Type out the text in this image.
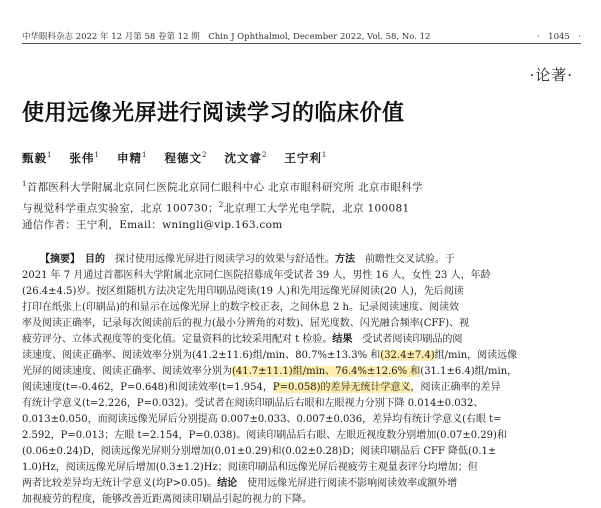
中华眼科杂志 2022 年 12 月第 58 卷第 12 期　Chin J Ophthalmol, December 2022, Vol. 58, No. 12	·　1045　·
·论著·
使用远像光屏进行阅读学习的临床价值
甄毅$^1$ 张伟$^1$ 申精$^1$ 程德文$^2$ 沈文睿$^2$ 王宁利$^1$
$^1$首都医科大学附属北京同仁医院北京同仁眼科中心 北京市眼科研究所 北京市眼科学
与视觉科学重点实验室，北京 100730；$^2$北京理工大学光电学院，北京 100081
通信作者：王宁利，Email：wningli@vip.163.com
【摘要】　 目的　探讨使用远像光屏进行阅读学习的效果与舒适性。方法　前瞻性交叉试验。于
2021 年 7 月通过首都医科大学附属北京同仁医院招募成年受试者 39 人，男性 16 人，女性 23 人，年龄
(26.4±4.5)岁。按区组随机方法决定先用印刷品阅读(19 人)和先用远像光屏阅读(20 人)，先后阅读
打印在纸张上(印刷品)的和显示在远像光屏上的数字校正表，之间休息 2 h。记录阅读速度、阅读效
率及阅读正确率，记录每次阅读前后的视力(最小分辨角的对数)、屈光度数、闪光融合频率(CFF)、视
疲劳评分、立体式视度等的变化值。定量资料的比较采用配对 t 检验。结果　受试者阅读印刷品的阅
读速度、阅读正确率、阅读效率分别为(41.2±11.6)组/min、80.7%±13.3% 和(32.4±7.4)组/min，阅读远像
光屏的阅读速度、阅读正确率、阅读效率分别为(41.7±11.1)组/min、76.4%±12.6% 和(31.1±6.4)组/min，
阅读速度(t=-0.462，P=0.648)和阅读效率(t=1.954，P=0.058)的差异无统计学意义，阅读正确率的差异
有统计学意义(t=2.226，P=0.032)。受试者在阅读印刷品后右眼和左眼视力分别下降 0.014±0.032、
0.013±0.050，而阅读远像光屏后分别提高 0.007±0.033、0.007±0.036，差异均有统计学意义(右眼 t=
2.592，P=0.013；左眼 t=2.154，P=0.038)。阅读印刷品后右眼、左眼近视度数分别增加(0.07±0.29)和
(0.06±0.24)D，阅读远像光屏则分别增加(0.01±0.29)和(0.02±0.28)D；阅读印刷品后 CFF 降低(0.1±
1.0)Hz，阅读远像光屏后增加(0.3±1.2)Hz；阅读印刷品和远像光屏后视疲劳主观量表评分均增加；但
两者比较差异均无统计学意义(均P>0.05)。结论　使用远像光屏进行阅读不影响阅读效率或额外增
加视疲劳的程度，能够改善近距离阅读印刷品引起的视力的下降。
